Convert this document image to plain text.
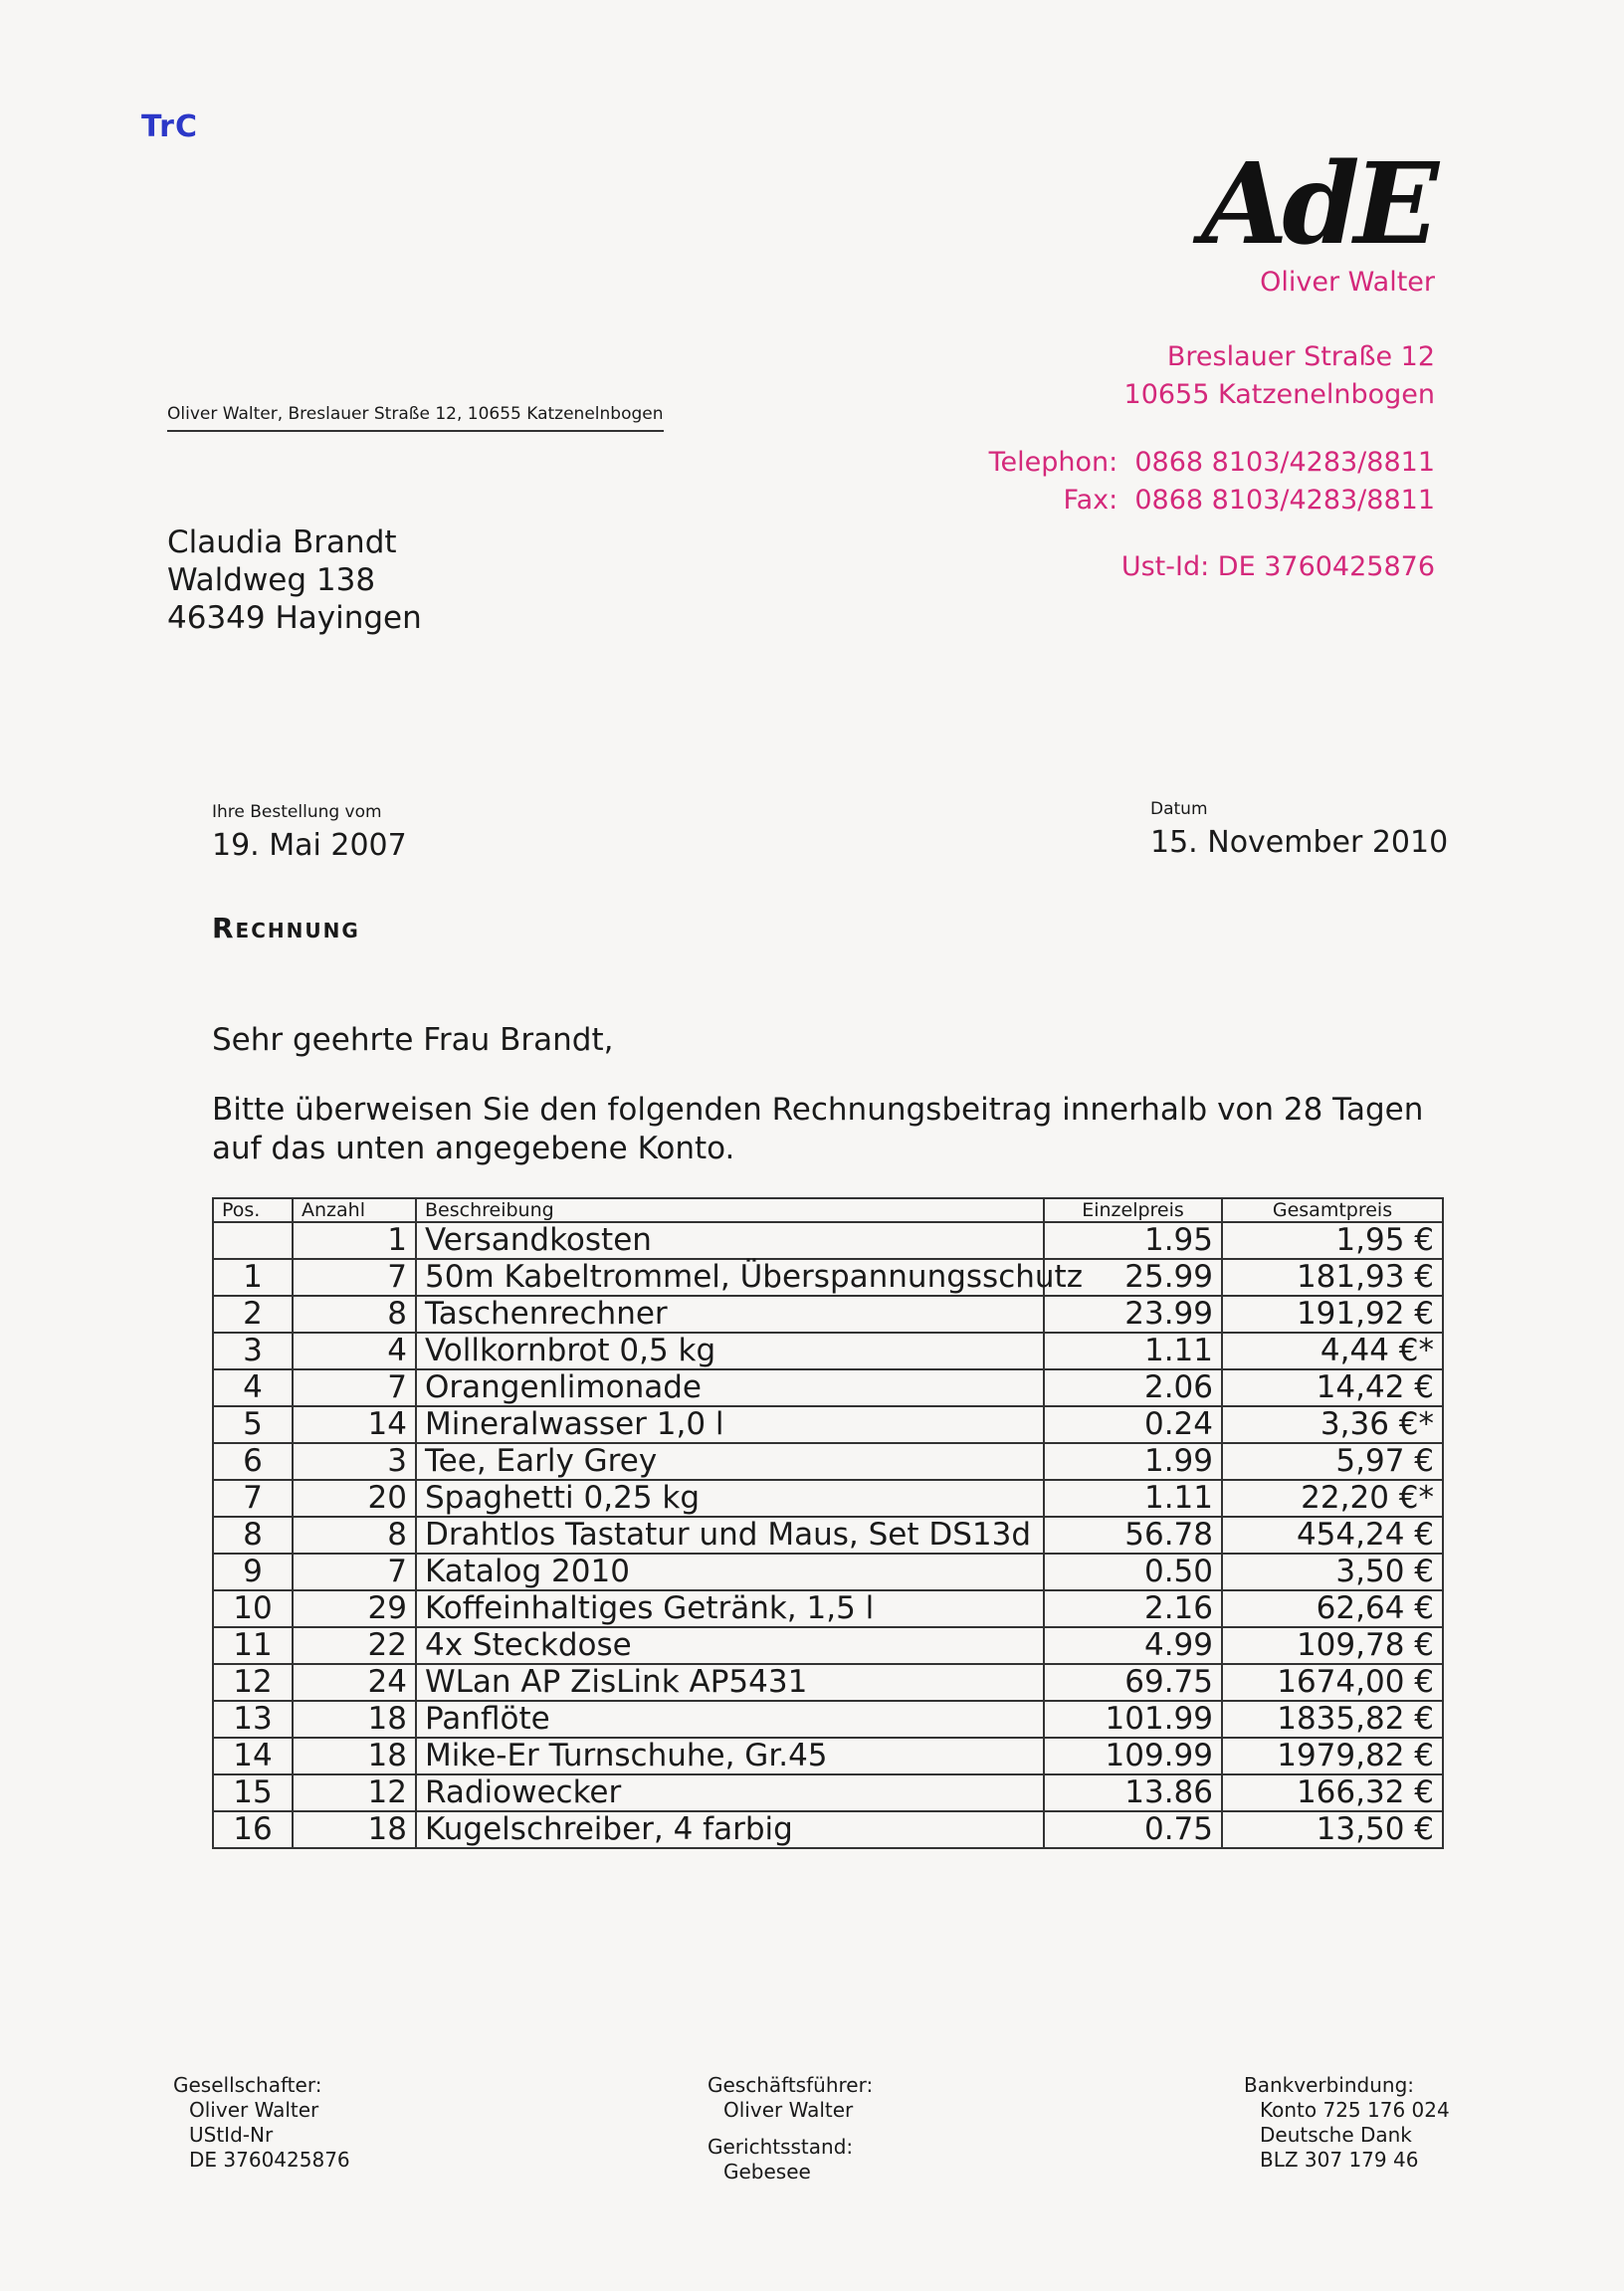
TrC
AdE
Oliver Walter
Breslauer Straße 12
10655 Katzenelnbogen
Telephon:  0868 8103/4283/8811
Fax:  0868 8103/4283/8811
Ust-Id: DE 3760425876
Oliver Walter, Breslauer Straße 12, 10655 Katzenelnbogen
Claudia Brandt
Waldweg 138
46349 Hayingen
Ihre Bestellung vom
19. Mai 2007
Datum
15. November 2010
Rechnung
Sehr geehrte Frau Brandt,
Bitte überweisen Sie den folgenden Rechnungsbeitrag innerhalb von 28 Tagen auf das unten angegebene Konto.
Pos.	Anzahl	Beschreibung	Einzelpreis	Gesamtpreis
	1	Versandkosten	1.95	1,95 €
1	7	50m Kabeltrommel, Überspannungsschutz	25.99	181,93 €
2	8	Taschenrechner	23.99	191,92 €
3	4	Vollkornbrot 0,5 kg	1.11	4,44 €*
4	7	Orangenlimonade	2.06	14,42 €
5	14	Mineralwasser 1,0 l	0.24	3,36 €*
6	3	Tee, Early Grey	1.99	5,97 €
7	20	Spaghetti 0,25 kg	1.11	22,20 €*
8	8	Drahtlos Tastatur und Maus, Set DS13d	56.78	454,24 €
9	7	Katalog 2010	0.50	3,50 €
10	29	Koffeinhaltiges Getränk, 1,5 l	2.16	62,64 €
11	22	4x Steckdose	4.99	109,78 €
12	24	WLan AP ZisLink AP5431	69.75	1674,00 €
13	18	Panflöte	101.99	1835,82 €
14	18	Mike-Er Turnschuhe, Gr.45	109.99	1979,82 €
15	12	Radiowecker	13.86	166,32 €
16	18	Kugelschreiber, 4 farbig	0.75	13,50 €
Gesellschafter:
Oliver Walter
UStId-Nr
DE 3760425876
Geschäftsführer:
Oliver Walter
Gerichtsstand:
Gebesee
Bankverbindung:
Konto 725 176 024
Deutsche Dank
BLZ 307 179 46
